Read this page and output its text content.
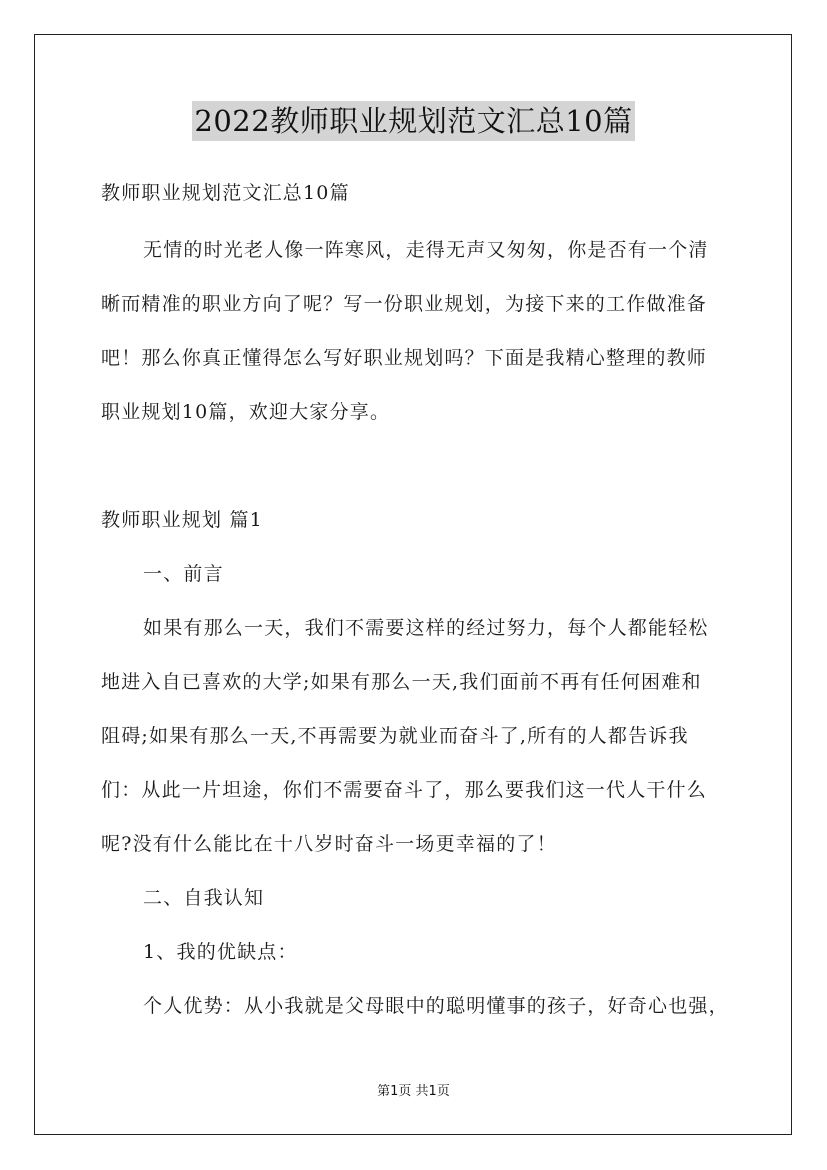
2022教师职业规划范文汇总10篇
教师职业规划范文汇总10篇
无情的时光老人像一阵寒风，走得无声又匆匆，你是否有一个清
晰而精准的职业方向了呢？写一份职业规划，为接下来的工作做准备
吧！那么你真正懂得怎么写好职业规划吗？下面是我精心整理的教师
职业规划10篇，欢迎大家分享。
教师职业规划 篇1
一、前言
如果有那么一天，我们不需要这样的经过努力，每个人都能轻松
地进入自已喜欢的大学;如果有那么一天,我们面前不再有任何困难和
阻碍;如果有那么一天,不再需要为就业而奋斗了,所有的人都告诉我
们：从此一片坦途，你们不需要奋斗了，那么要我们这一代人干什么
呢?没有什么能比在十八岁时奋斗一场更幸福的了！
二、自我认知
1、我的优缺点：
个人优势：从小我就是父母眼中的聪明懂事的孩子，好奇心也强，
第1页 共1页
